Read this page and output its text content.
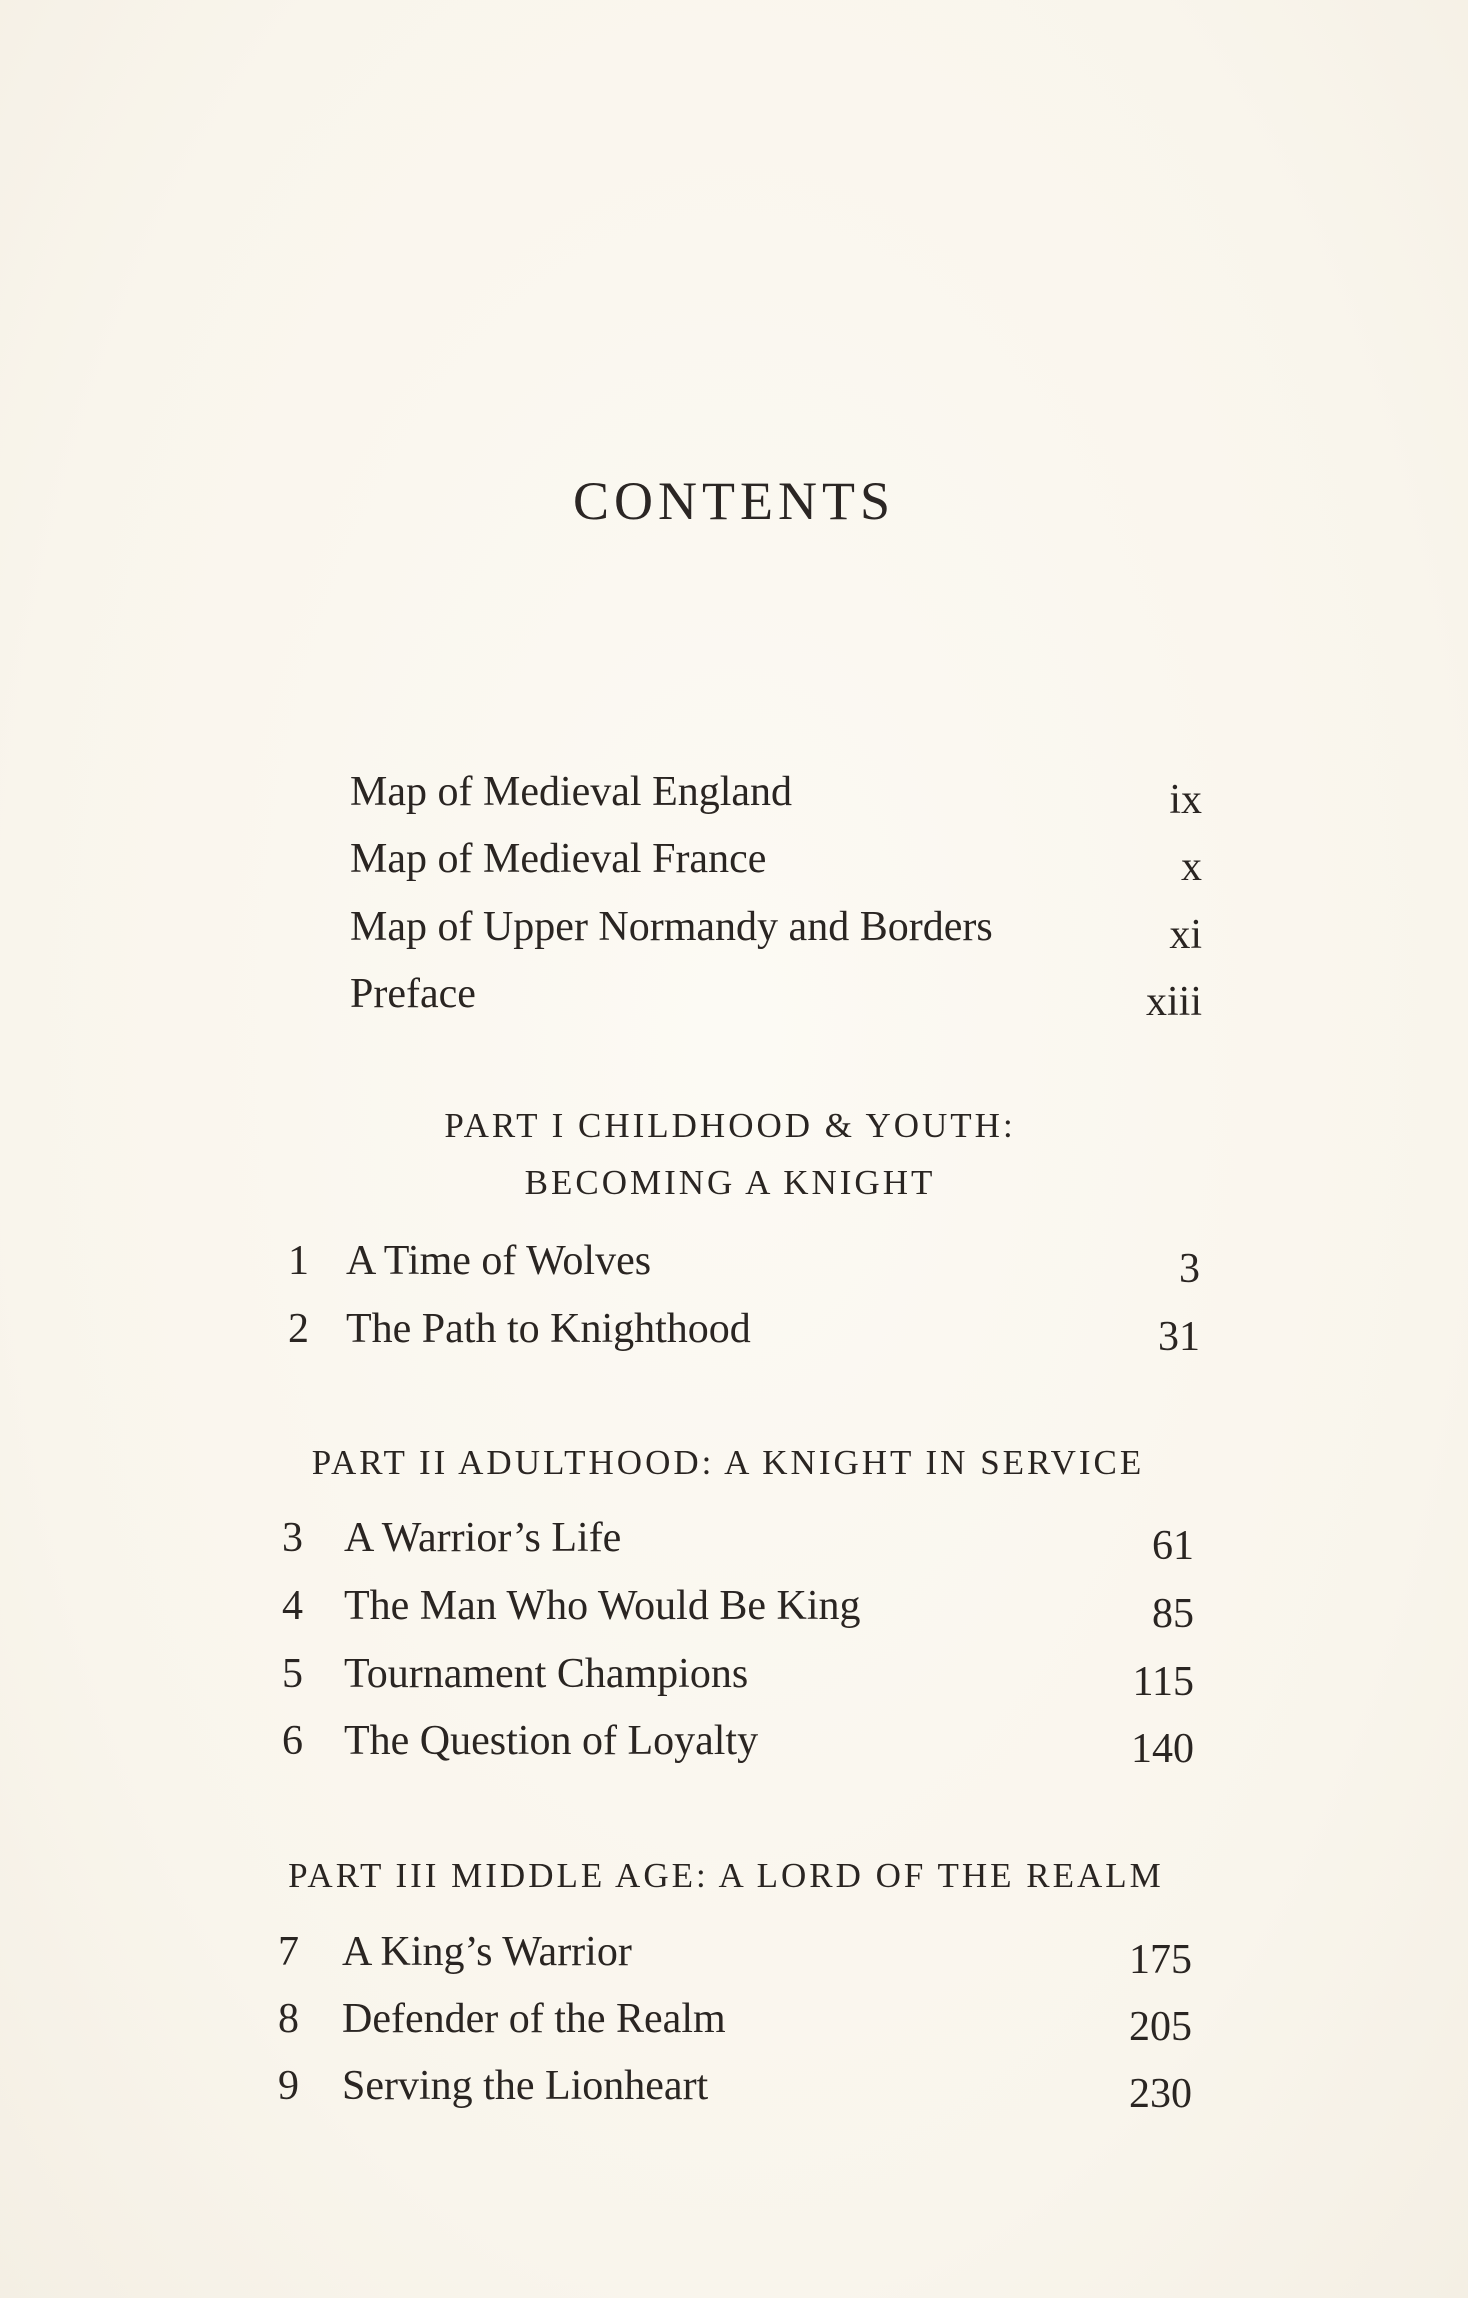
CONTENTS
Map of Medieval England	ix
Map of Medieval France	x
Map of Upper Normandy and Borders	xi
Preface	xiii
PART I CHILDHOOD & YOUTH:
BECOMING A KNIGHT
1 A Time of Wolves	3
2 The Path to Knighthood	31
PART II ADULTHOOD: A KNIGHT IN SERVICE
3 A Warrior’s Life	61
4 The Man Who Would Be King	85
5 Tournament Champions	115
6 The Question of Loyalty	140
PART III MIDDLE AGE: A LORD OF THE REALM
7	A King’s Warrior	175
8	Defender of the Realm	205
9	Serving the Lionheart	230
